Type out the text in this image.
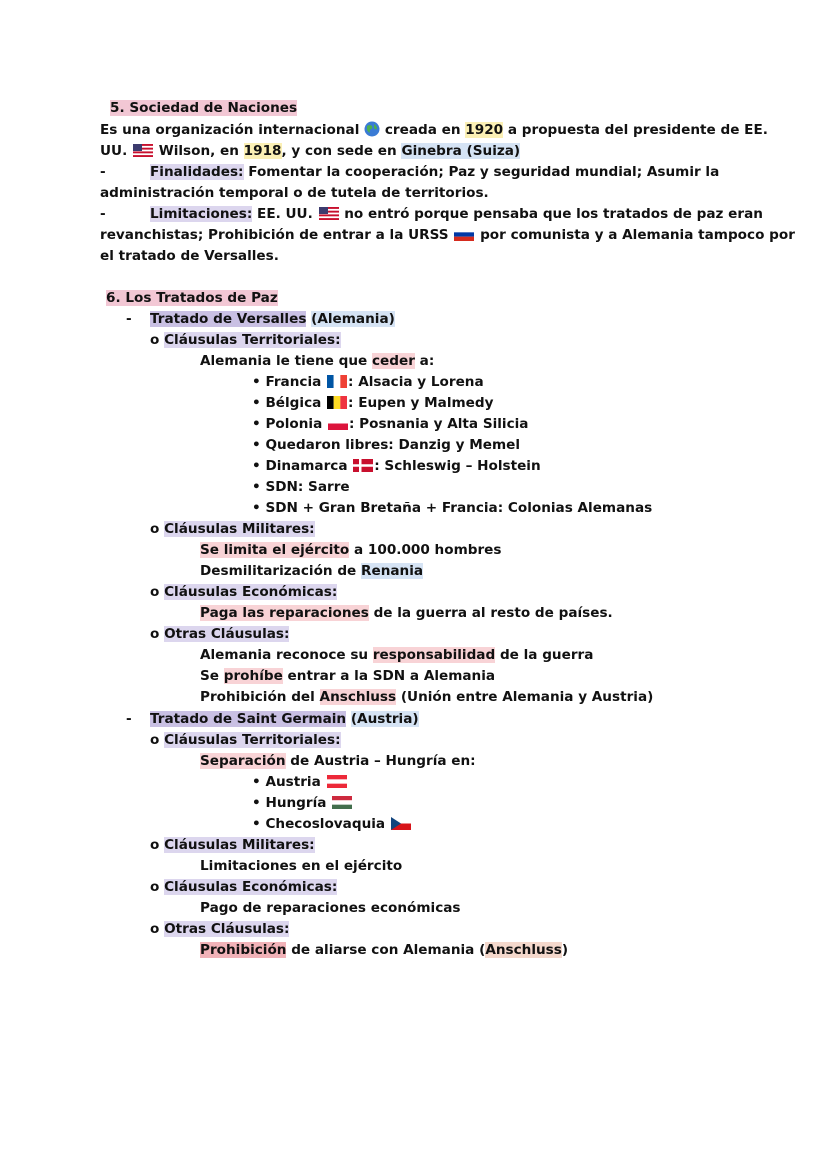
5. Sociedad de Naciones
Es una organización internacional creada en 1920 a propuesta del presidente de EE.
UU. Wilson, en 1918, y con sede en Ginebra (Suiza)
-	Finalidades: Fomentar la cooperación; Paz y seguridad mundial; Asumir la
administración temporal o de tutela de territorios.
-	Limitaciones: EE. UU. no entró porque pensaba que los tratados de paz eran
revanchistas; Prohibición de entrar a la URSS por comunista y a Alemania tampoco por
el tratado de Versalles.
6. Los Tratados de Paz
- Tratado de Versalles (Alemania)
o Cláusulas Territoriales:
Alemania le tiene que ceder a:
• Francia : Alsacia y Lorena
• Bélgica : Eupen y Malmedy
• Polonia : Posnania y Alta Silicia
• Quedaron libres: Danzig y Memel
• Dinamarca : Schleswig – Holstein
• SDN: Sarre
• SDN + Gran Bretaña + Francia: Colonias Alemanas
o Cláusulas Militares:
Se limita el ejército a 100.000 hombres
Desmilitarización de Renania
o Cláusulas Económicas:
Paga las reparaciones de la guerra al resto de países.
o Otras Cláusulas:
Alemania reconoce su responsabilidad de la guerra
Se prohíbe entrar a la SDN a Alemania
Prohibición del Anschluss (Unión entre Alemania y Austria)
- Tratado de Saint Germain (Austria)
o Cláusulas Territoriales:
Separación de Austria – Hungría en:
• Austria
• Hungría
• Checoslovaquia
o Cláusulas Militares:
Limitaciones en el ejército
o Cláusulas Económicas:
Pago de reparaciones económicas
o Otras Cláusulas:
Prohibición de aliarse con Alemania (Anschluss)
